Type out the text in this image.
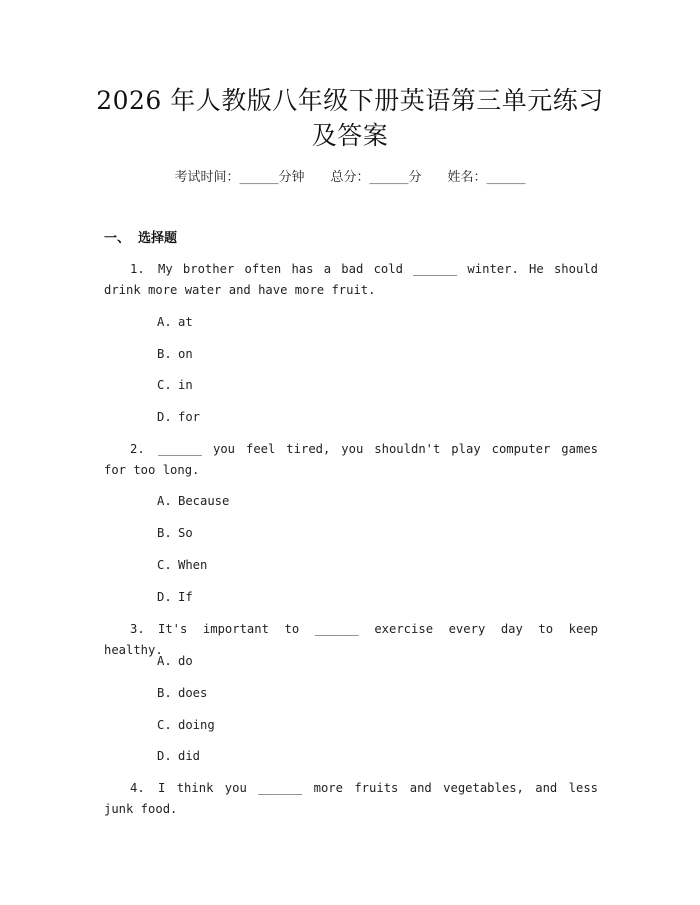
2026 年人教版八年级下册英语第三单元练习
及答案
考试时间：______分钟 总分：______分 姓名：______
一、 选择题
1. My brother often has a bad cold ______ winter. He should drink more water and have more fruit.
A. at
B. on
C. in
D. for
2. ______ you feel tired, you shouldn't play computer games for too long.
A. Because
B. So
C. When
D. If
3. It's important to ______ exercise every day to keep healthy.
A. do
B. does
C. doing
D. did
4. I think you ______ more fruits and vegetables, and less junk food.
